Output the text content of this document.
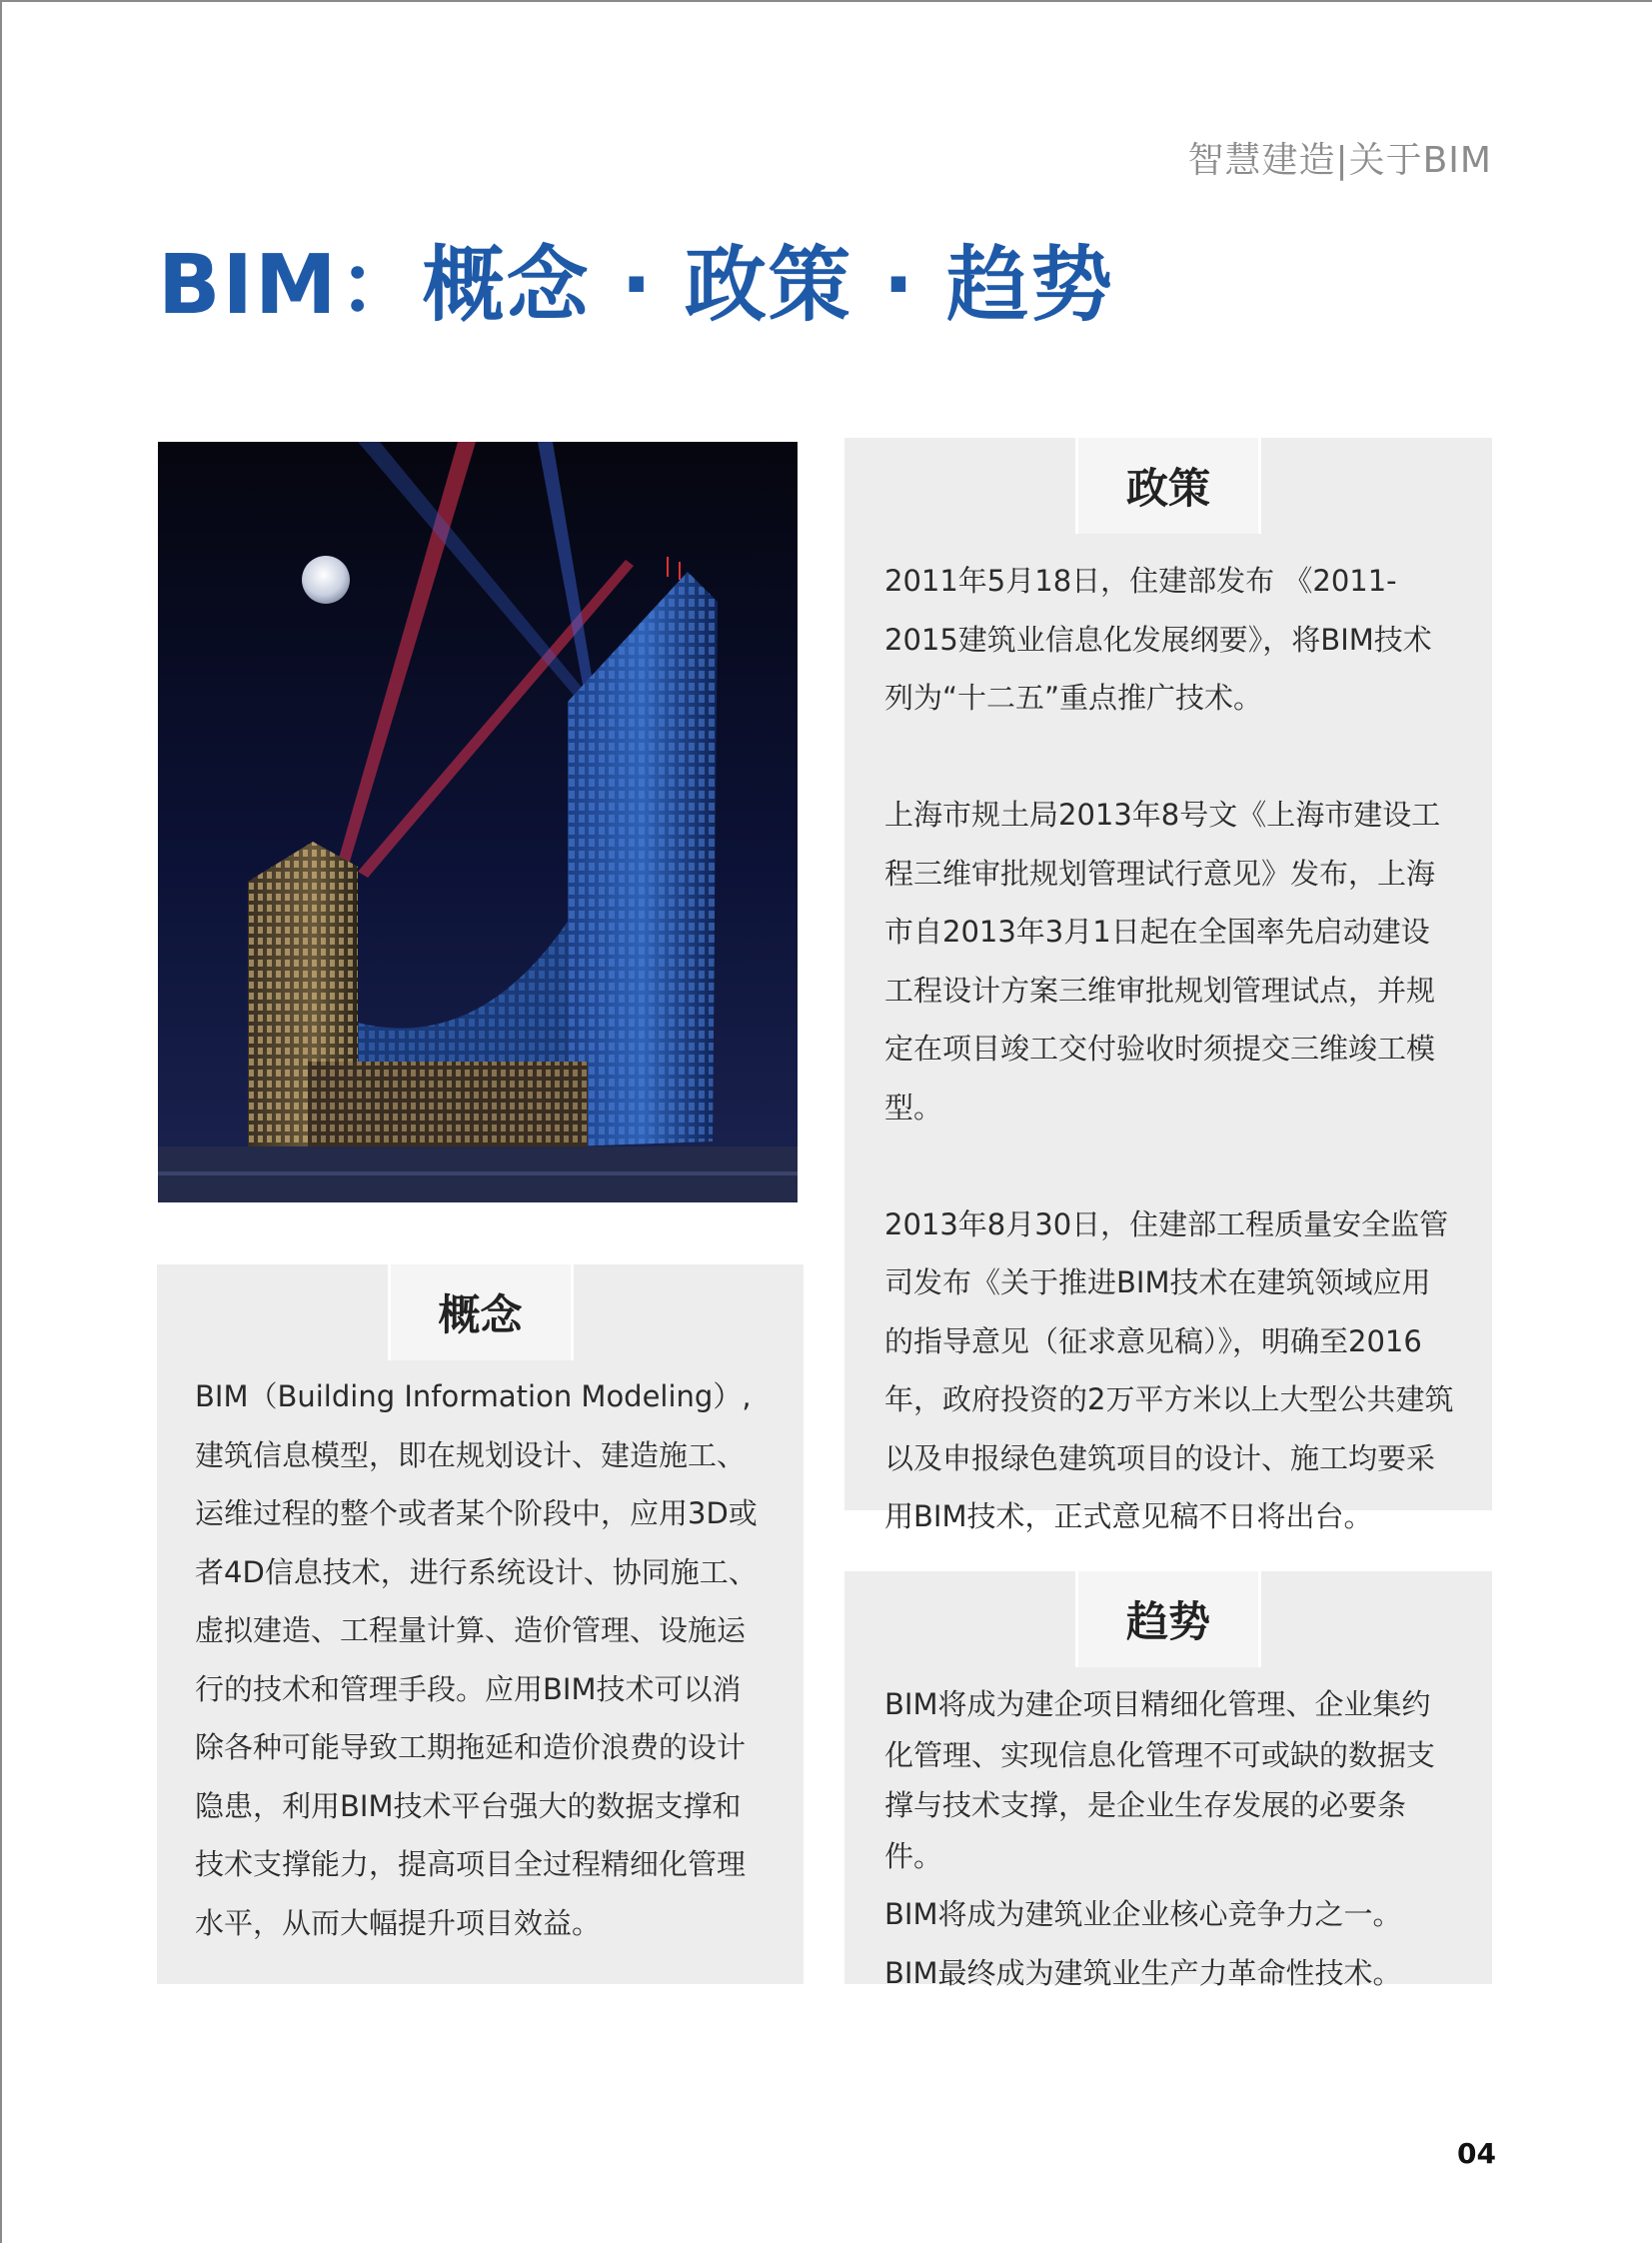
智慧建造|关于BIM
BIM：概念 · 政策 · 趋势
政策

2011年5月18日，住建部发布 《2011-2015建筑业信息化发展纲要》，将BIM技术列为“十二五”重点推广技术。

上海市规土局2013年8号文《上海市建设工程三维审批规划管理试行意见》发布，上海市自2013年3月1日起在全国率先启动建设工程设计方案三维审批规划管理试点，并规定在项目竣工交付验收时须提交三维竣工模型。

2013年8月30日，住建部工程质量安全监管司发布《关于推进BIM技术在建筑领域应用的指导意见（征求意见稿）》，明确至2016年，政府投资的2万平方米以上大型公共建筑以及申报绿色建筑项目的设计、施工均要采用BIM技术，正式意见稿不日将出台。

概念

BIM（Building Information Modeling）,建筑信息模型，即在规划设计、建造施工、运维过程的整个或者某个阶段中，应用3D或者4D信息技术，进行系统设计、协同施工、虚拟建造、工程量计算、造价管理、设施运行的技术和管理手段。应用BIM技术可以消除各种可能导致工期拖延和造价浪费的设计隐患，利用BIM技术平台强大的数据支撑和技术支撑能力，提高项目全过程精细化管理水平，从而大幅提升项目效益。

趋势

BIM将成为建企项目精细化管理、企业集约化管理、实现信息化管理不可或缺的数据支撑与技术支撑，是企业生存发展的必要条件。

BIM将成为建筑业企业核心竞争力之一。

BIM最终成为建筑业生产力革命性技术。

04
